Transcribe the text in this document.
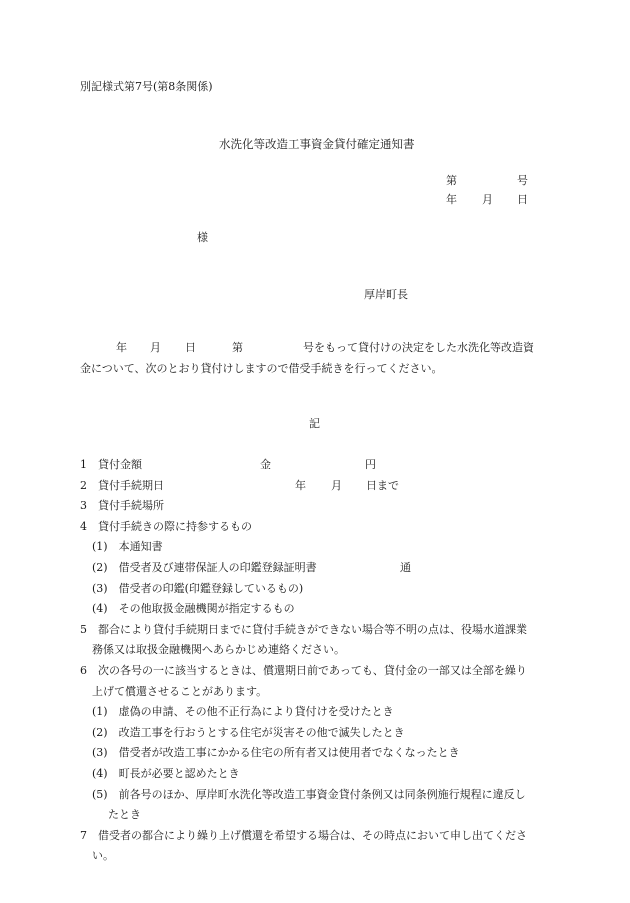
別記様式第7号(第8条関係)
水洗化等改造工事資金貸付確定通知書
第	号
年 月 日
様
厚岸町長
年 月 日	第	号をもって貸付けの決定をした水洗化等改造資
金について、次のとおり貸付けしますので借受手続きを行ってください。
記
1　貸付金額	金	円
2　貸付手続期日	年 月 日まで
3　貸付手続場所
4　貸付手続きの際に持参するもの
(1)　本通知書
(2)　借受者及び連帯保証人の印鑑登録証明書	通
(3)　借受者の印鑑(印鑑登録しているもの)
(4)　その他取扱金融機関が指定するもの
5　都合により貸付手続期日までに貸付手続きができない場合等不明の点は、役場水道課業
務係又は取扱金融機関へあらかじめ連絡ください。
6　次の各号の一に該当するときは、償還期日前であっても、貸付金の一部又は全部を繰り
上げて償還させることがあります。
(1)　虚偽の申請、その他不正行為により貸付けを受けたとき
(2)　改造工事を行おうとする住宅が災害その他で滅失したとき
(3)　借受者が改造工事にかかる住宅の所有者又は使用者でなくなったとき
(4)　町長が必要と認めたとき
(5)　前各号のほか、厚岸町水洗化等改造工事資金貸付条例又は同条例施行規程に違反し
たとき
7　借受者の都合により繰り上げ償還を希望する場合は、その時点において申し出てくださ
い。
